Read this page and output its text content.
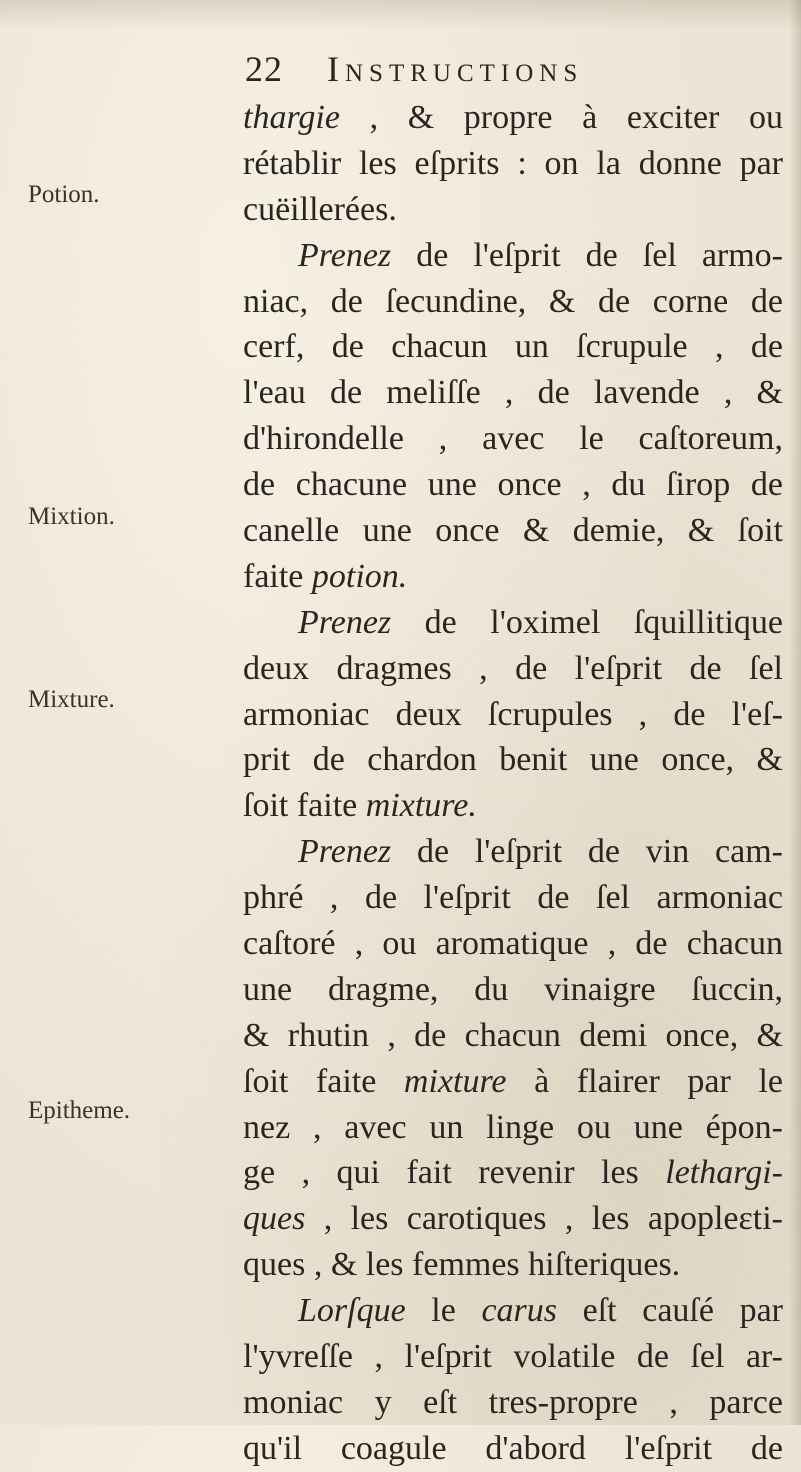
22 Instructions
Potion.
Mixtion.
Mixture.
Epitheme.
thargie , & propre à exciter ou
rétablir les eſprits : on la donne par
cuëillerées.
Prenez de l'eſprit de ſel armo-
niac, de ſecundine, & de corne de
cerf, de chacun un ſcrupule , de
l'eau de meliſſe , de lavende , &
d'hirondelle , avec le caſtoreum,
de chacune une once , du ſirop de
canelle une once & demie, & ſoit
faite potion.
Prenez de l'oximel ſquillitique
deux dragmes , de l'eſprit de ſel
armoniac deux ſcrupules , de l'eſ-
prit de chardon benit une once, &
ſoit faite mixture.
Prenez de l'eſprit de vin cam-
phré , de l'eſprit de ſel armoniac
caſtoré , ou aromatique , de chacun
une dragme, du vinaigre ſuccin,
& rhutin , de chacun demi once, &
ſoit faite mixture à flairer par le
nez , avec un linge ou une épon-
ge , qui fait revenir les lethargi-
ques , les carotiques , les apopleɛti-
ques , & les femmes hiſteriques.
Lorſque le carus eſt cauſé par
l'yvreſſe , l'eſprit volatile de ſel ar-
moniac y eſt tres-propre , parce
qu'il coagule d'abord l'eſprit de
